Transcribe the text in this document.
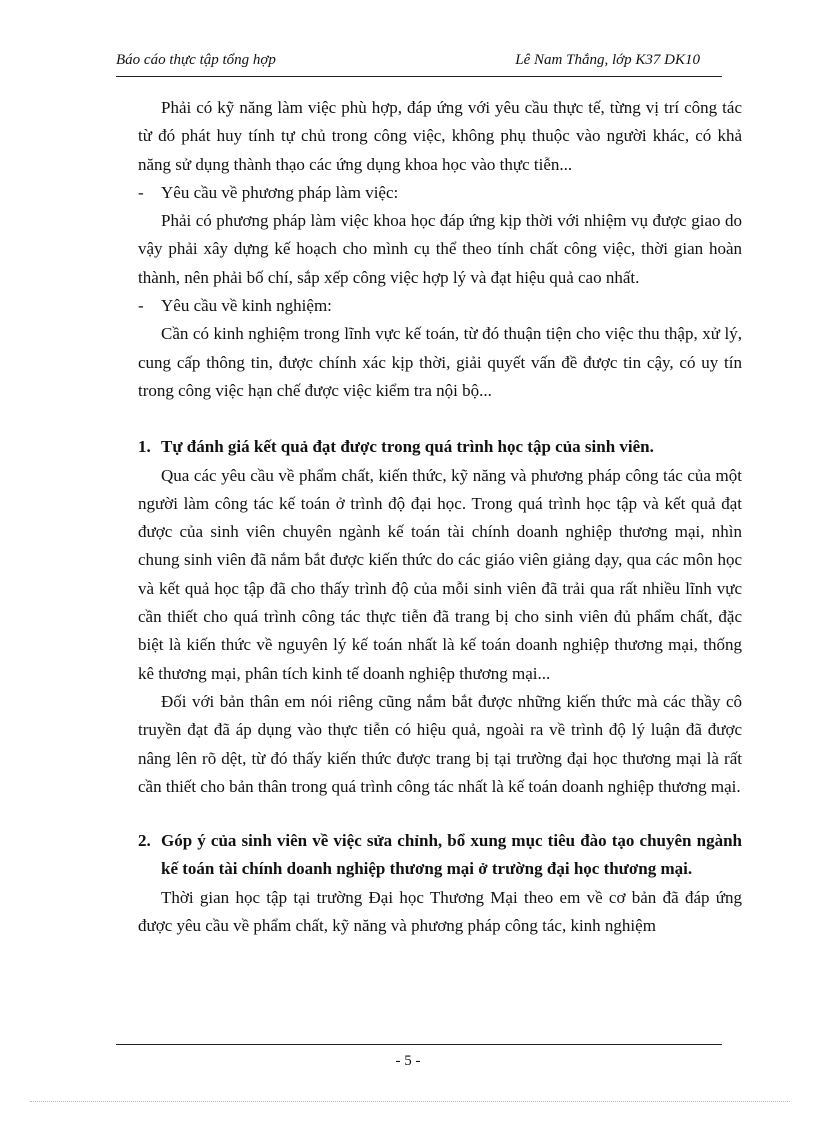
Báo cáo thực tập tổng hợp	Lê Nam Thắng, lớp K37 DK10

Phải có kỹ năng làm việc phù hợp, đáp ứng với yêu cầu thực tế, từng vị trí công tác từ đó phát huy tính tự chủ trong công việc, không phụ thuộc vào người khác, có khả năng sử dụng thành thạo các ứng dụng khoa học vào thực tiễn...

- Yêu cầu về phương pháp làm việc:

Phải có phương pháp làm việc khoa học đáp ứng kịp thời với nhiệm vụ được giao do vậy phải xây dựng kế hoạch cho mình cụ thể theo tính chất công việc, thời gian hoàn thành, nên phải bố chí, sắp xếp công việc hợp lý và đạt hiệu quả cao nhất.

- Yêu cầu về kinh nghiệm:

Cần có kinh nghiệm trong lĩnh vực kế toán, từ đó thuận tiện cho việc thu thập, xử lý, cung cấp thông tin, được chính xác kịp thời, giải quyết vấn đề được tin cậy, có uy tín trong công việc hạn chế được việc kiểm tra nội bộ...

1. Tự đánh giá kết quả đạt được trong quá trình học tập của sinh viên.

Qua các yêu cầu về phẩm chất, kiến thức, kỹ năng và phương pháp công tác của một người làm công tác kế toán ở trình độ đại học. Trong quá trình học tập và kết quả đạt được của sinh viên chuyên ngành kế toán tài chính doanh nghiệp thương mại, nhìn chung sinh viên đã nắm bắt được kiến thức do các giáo viên giảng dạy, qua các môn học và kết quả học tập đã cho thấy trình độ của mỗi sinh viên đã trải qua rất nhiều lĩnh vực cần thiết cho quá trình công tác thực tiễn đã trang bị cho sinh viên đủ phẩm chất, đặc biệt là kiến thức về nguyên lý kế toán nhất là kế toán doanh nghiệp thương mại, thống kê thương mại, phân tích kinh tế doanh nghiệp thương mại...

Đối với bản thân em nói riêng cũng nắm bắt được những kiến thức mà các thầy cô truyền đạt đã áp dụng vào thực tiễn có hiệu quả, ngoài ra về trình độ lý luận đã được nâng lên rõ dệt, từ đó thấy kiến thức được trang bị tại trường đại học thương mại là rất cần thiết cho bản thân trong quá trình công tác nhất là kế toán doanh nghiệp thương mại.

2. Góp ý của sinh viên về việc sửa chỉnh, bổ xung mục tiêu đào tạo chuyên ngành kế toán tài chính doanh nghiệp thương mại ở trường đại học thương mại.

Thời gian học tập tại trường Đại học Thương Mại theo em về cơ bản đã đáp ứng được yêu cầu về phẩm chất, kỹ năng và phương pháp công tác, kinh nghiệm

- 5 -
